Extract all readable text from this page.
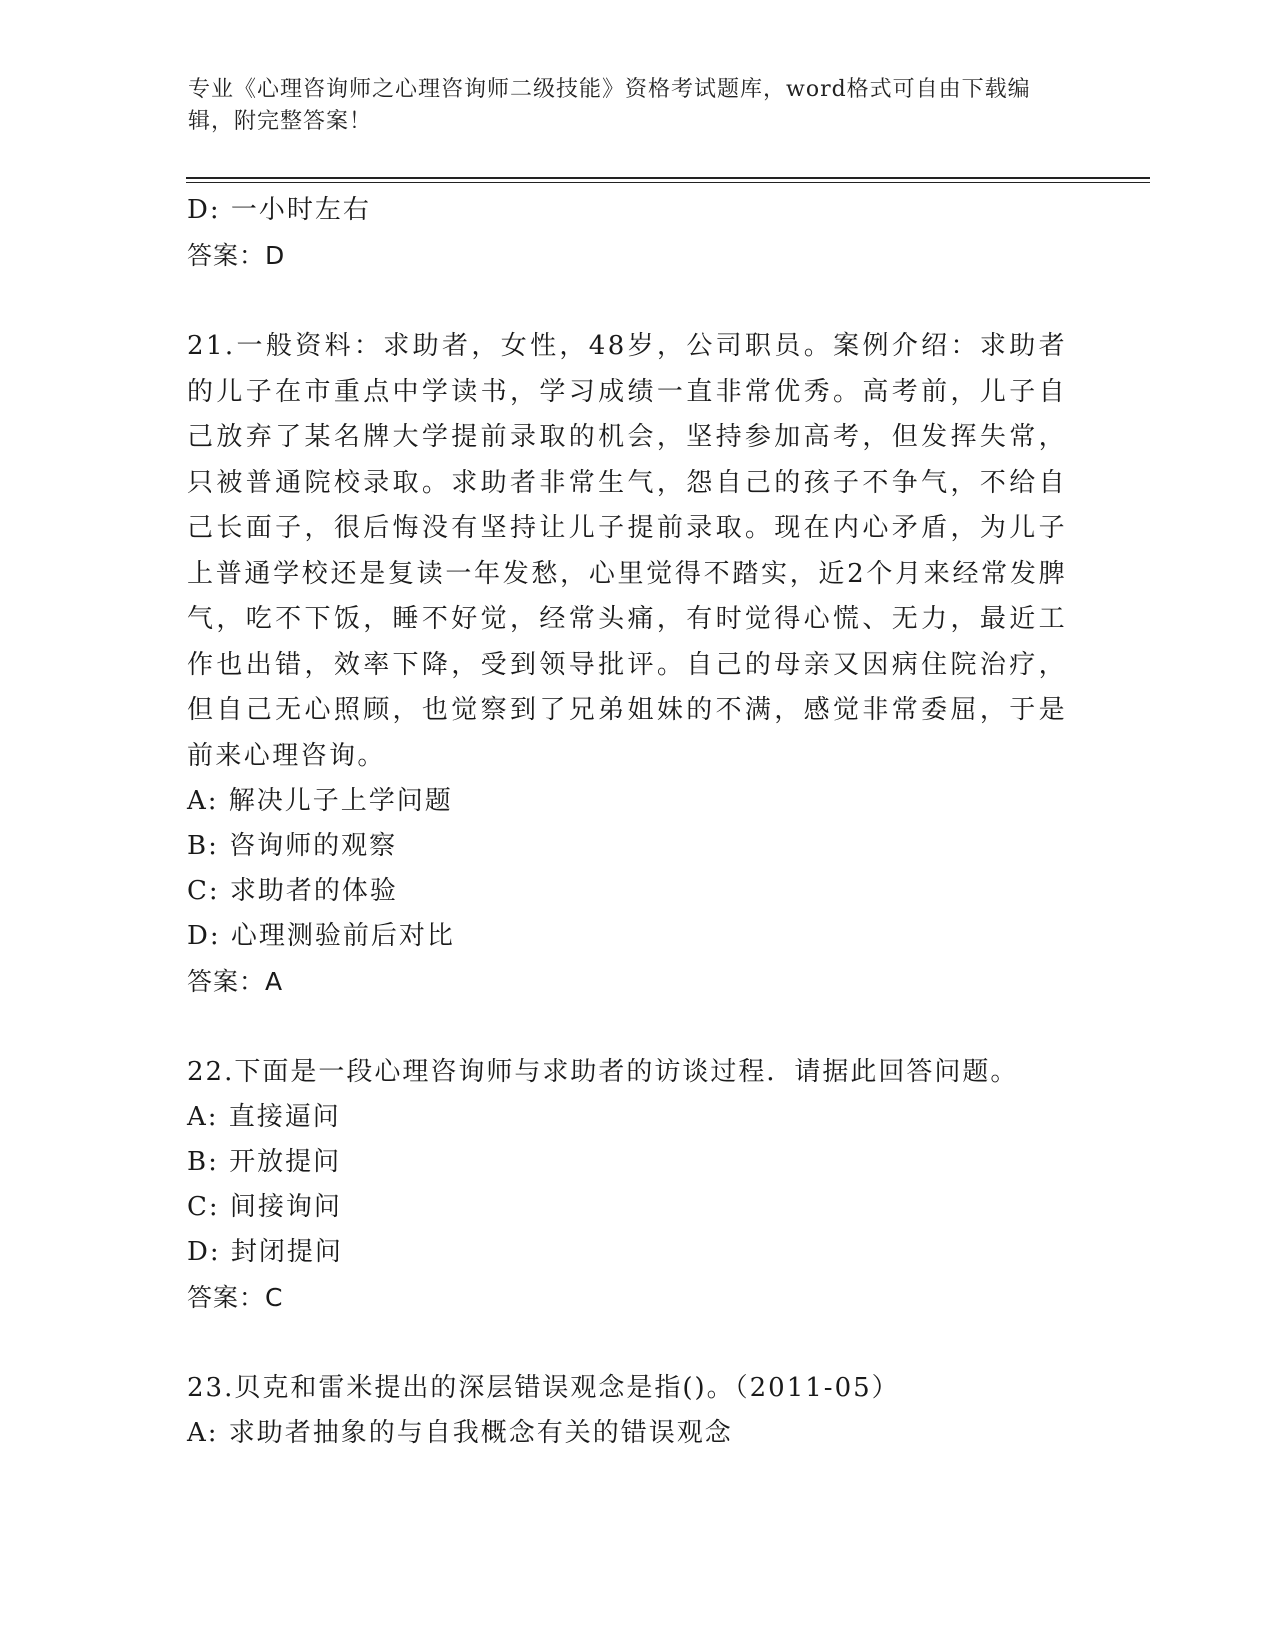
专业《心理咨询师之心理咨询师二级技能》资格考试题库，word格式可自由下载编辑，附完整答案！
D: 一小时左右
答案：D
21.一般资料：求助者，女性，48岁，公司职员。案例介绍：求助者的儿子在市重点中学读书，学习成绩一直非常优秀。高考前，儿子自己放弃了某名牌大学提前录取的机会，坚持参加高考，但发挥失常，只被普通院校录取。求助者非常生气，怨自己的孩子不争气，不给自己长面子，很后悔没有坚持让儿子提前录取。现在内心矛盾，为儿子上普通学校还是复读一年发愁，心里觉得不踏实，近2个月来经常发脾气，吃不下饭，睡不好觉，经常头痛，有时觉得心慌、无力，最近工作也出错，效率下降，受到领导批评。自己的母亲又因病住院治疗，但自己无心照顾，也觉察到了兄弟姐妹的不满，感觉非常委屈，于是前来心理咨询。
A: 解决儿子上学问题
B: 咨询师的观察
C: 求助者的体验
D: 心理测验前后对比
答案：A
22.下面是一段心理咨询师与求助者的访谈过程．请据此回答问题。
A: 直接逼问
B: 开放提问
C: 间接询问
D: 封闭提问
答案：C
23.贝克和雷米提出的深层错误观念是指()。（2011-05）
A: 求助者抽象的与自我概念有关的错误观念
